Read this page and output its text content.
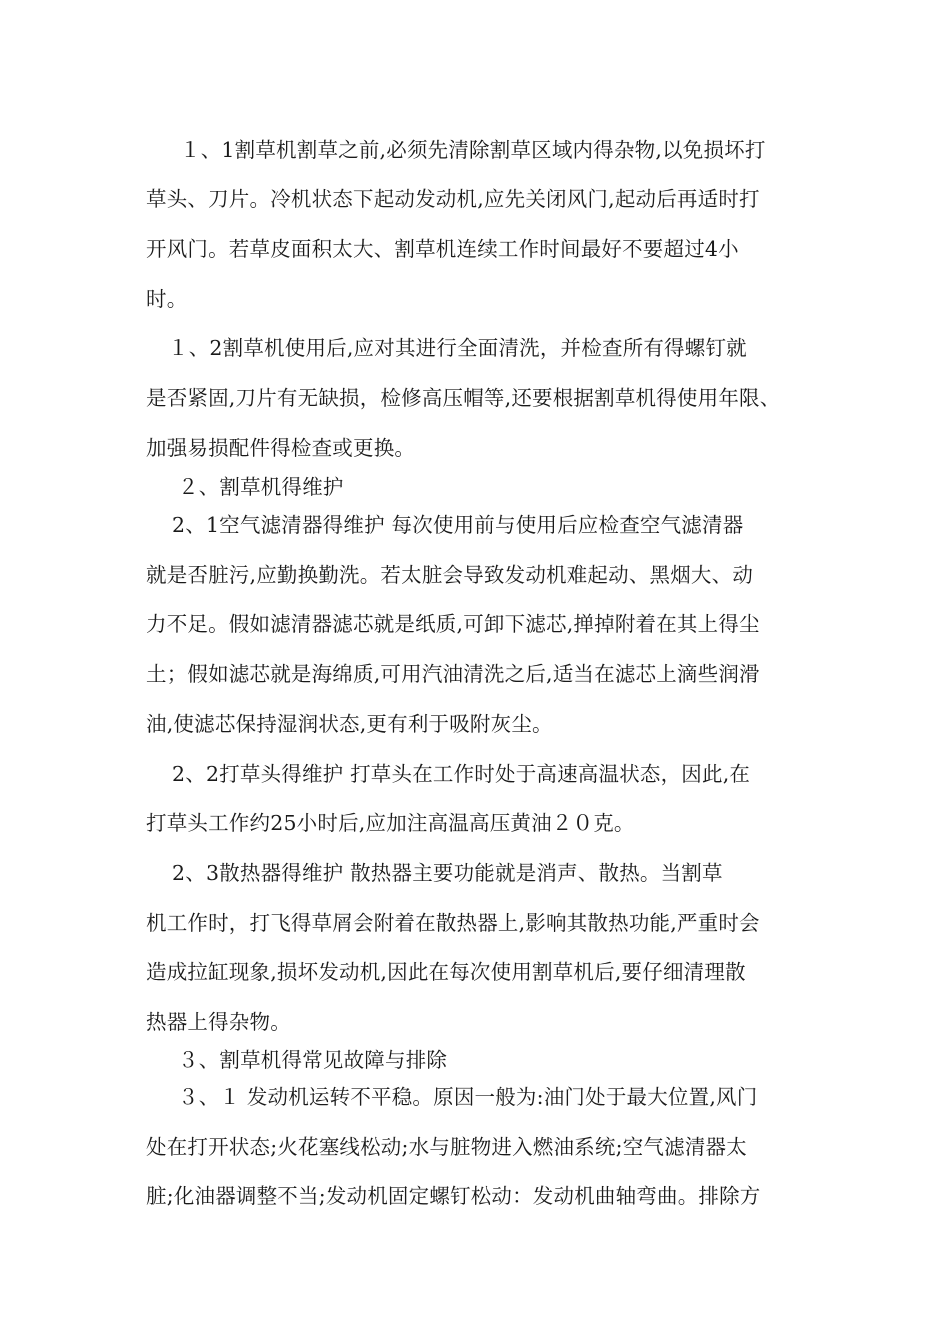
１、1割草机割草之前,必须先清除割草区域内得杂物,以免损坏打
草头、刀片。冷机状态下起动发动机,应先关闭风门,起动后再适时打
开风门。若草皮面积太大、割草机连续工作时间最好不要超过4小
时。
１、2割草机使用后,应对其进行全面清洗，并检查所有得螺钉就
是否紧固,刀片有无缺损，检修高压帽等,还要根据割草机得使用年限、
加强易损配件得检查或更换。
２、割草机得维护
2、1空气滤清器得维护 每次使用前与使用后应检查空气滤清器
就是否脏污,应勤换勤洗。若太脏会导致发动机难起动、黑烟大、动
力不足。假如滤清器滤芯就是纸质,可卸下滤芯,掸掉附着在其上得尘
土；假如滤芯就是海绵质,可用汽油清洗之后,适当在滤芯上滴些润滑
油,使滤芯保持湿润状态,更有利于吸附灰尘。
2、2打草头得维护 打草头在工作时处于高速高温状态，因此,在
打草头工作约25小时后,应加注高温高压黄油２０克。
2、3散热器得维护 散热器主要功能就是消声、散热。当割草
机工作时，打飞得草屑会附着在散热器上,影响其散热功能,严重时会
造成拉缸现象,损坏发动机,因此在每次使用割草机后,要仔细清理散
热器上得杂物。
３、割草机得常见故障与排除
３、１ 发动机运转不平稳。原因一般为:油门处于最大位置,风门
处在打开状态;火花塞线松动;水与脏物进入燃油系统;空气滤清器太
脏;化油器调整不当;发动机固定螺钉松动：发动机曲轴弯曲。排除方
